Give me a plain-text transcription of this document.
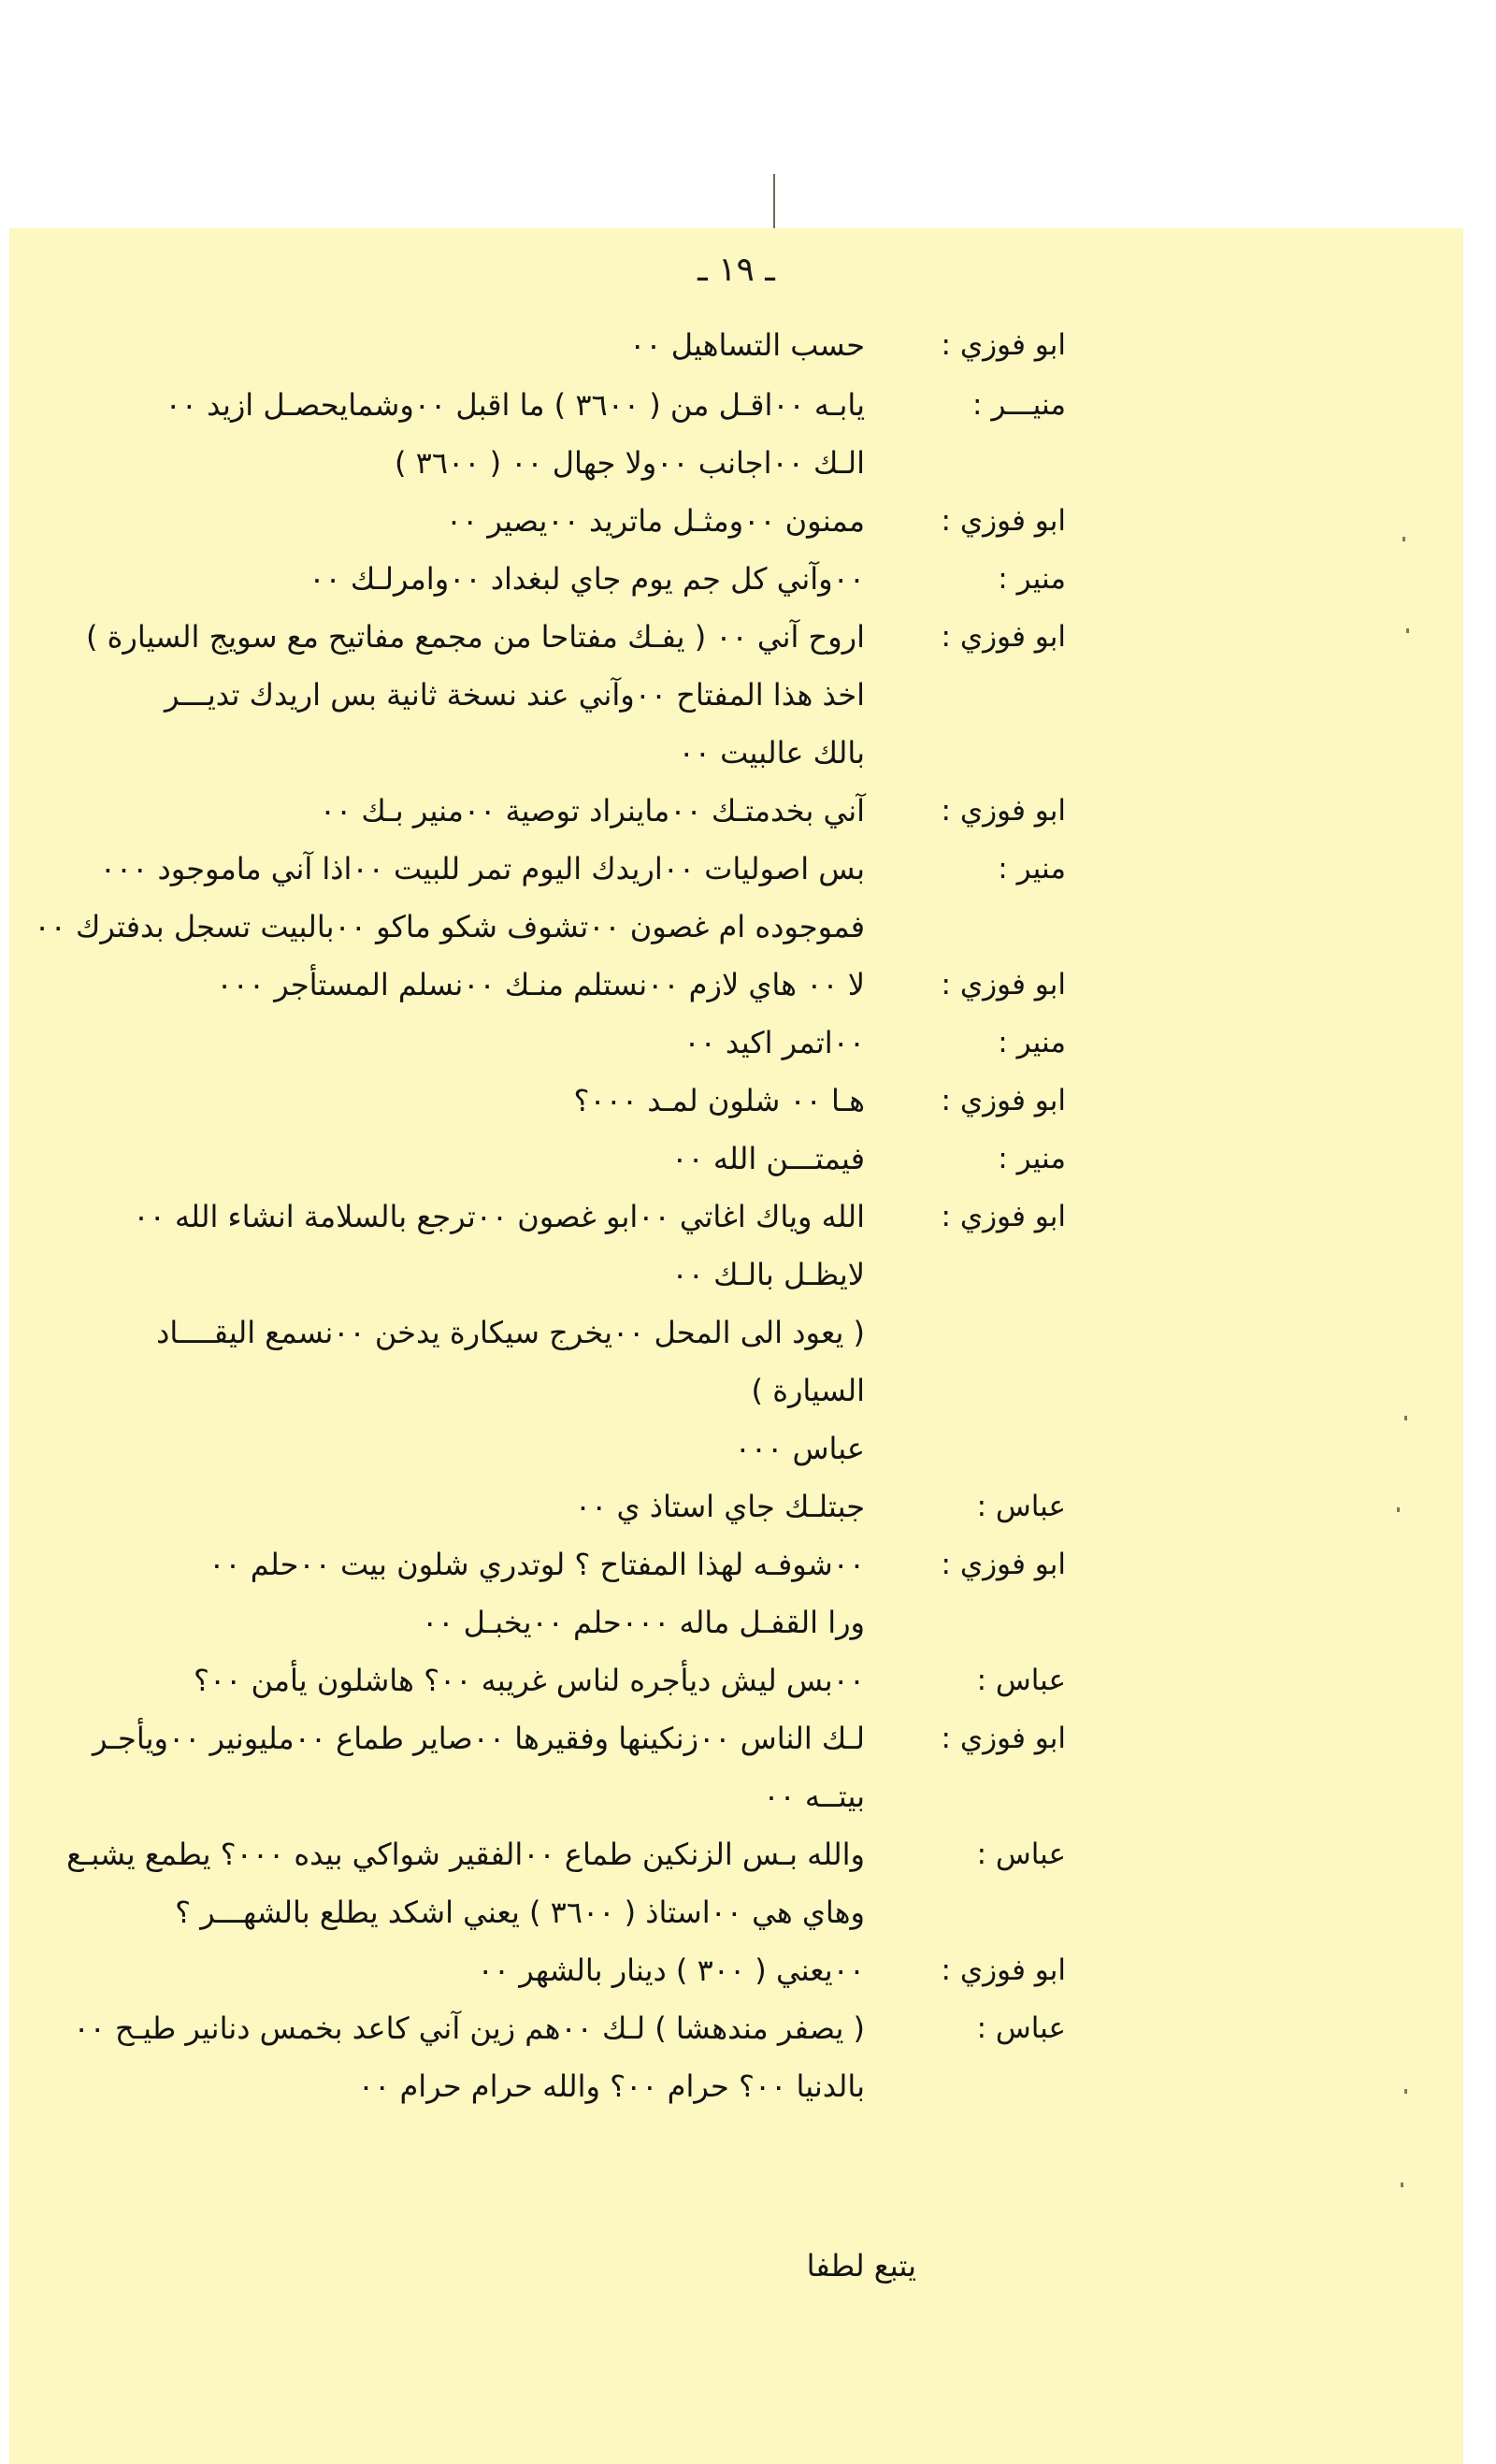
ـ ١٩ ـ
ابو فوزي :
حسب التساهيل ٠٠
منيـــر :
يابـه ٠٠اقـل من ( ٣٦٠٠ ) ما اقبل ٠٠وشمايحصـل ازيد ٠٠
الـك ٠٠اجانب ٠٠ولا جهال ٠٠ ( ٣٦٠٠ )
ابو فوزي :
ممنون ٠٠ومثـل ماتريد ٠٠يصير ٠٠
منير :
٠٠وآني كل جم يوم جاي لبغداد ٠٠وامرلـك ٠٠
ابو فوزي :
اروح آني ٠٠ ( يفـك مفتاحا من مجمع مفاتيح مع سويج السيارة )
اخذ هذا المفتاح ٠٠وآني عند نسخة ثانية بس اريدك تديـــر
بالك عالبيت ٠٠
ابو فوزي :
آني بخدمتـك ٠٠ماينراد توصية ٠٠منير بـك ٠٠
منير :
بس اصوليات ٠٠اريدك اليوم تمر للبيت ٠٠اذا آني ماموجود ٠٠٠
فموجوده ام غصون ٠٠تشوف شكو ماكو ٠٠بالبيت تسجل بدفترك ٠٠
ابو فوزي :
لا ٠٠ هاي لازم ٠٠نستلم منـك ٠٠نسلم المستأجر ٠٠٠
منير :
٠٠اتمر اكيد ٠٠
ابو فوزي :
هـا ٠٠ شلون لمـد ٠٠٠؟
منير :
فيمتـــن الله ٠٠
ابو فوزي :
الله وياك اغاتي ٠٠ابو غصون ٠٠ترجع بالسلامة انشاء الله ٠٠
لايظـل بالـك ٠٠
( يعود الى المحل ٠٠يخرج سيكارة يدخن ٠٠نسمع اليقــــاد
السيارة )
عباس ٠٠٠
عباس :
جبتلـك جاي استاذ ي ٠٠
ابو فوزي :
٠٠شوفـه لهذا المفتاح ؟ لوتدري شلون بيت ٠٠حلم ٠٠
ورا القفـل ماله ٠٠٠حلم ٠٠يخبـل ٠٠
عباس :
٠٠بس ليش ديأجره لناس غريبه ٠٠؟ هاشلون يأمن ٠٠؟
ابو فوزي :
لـك الناس ٠٠زنكينها وفقيرها ٠٠صاير طماع ٠٠مليونير ٠٠ويأجـر
بيتــه ٠٠
عباس :
والله بـس الزنكين طماع ٠٠الفقير شواكي بيده ٠٠٠؟ يطمع يشبـع
وهاي هي ٠٠استاذ ( ٣٦٠٠ ) يعني اشكد يطلع بالشهـــر ؟
ابو فوزي :
٠٠يعني ( ٣٠٠ ) دينار بالشهر ٠٠
عباس :
( يصفر مندهشا ) لـك ٠٠هم زين آني كاعد بخمس دنانير طيـح ٠٠
بالدنيا ٠٠؟ حرام ٠٠؟ والله حرام حرام ٠٠
يتبع لطفا
